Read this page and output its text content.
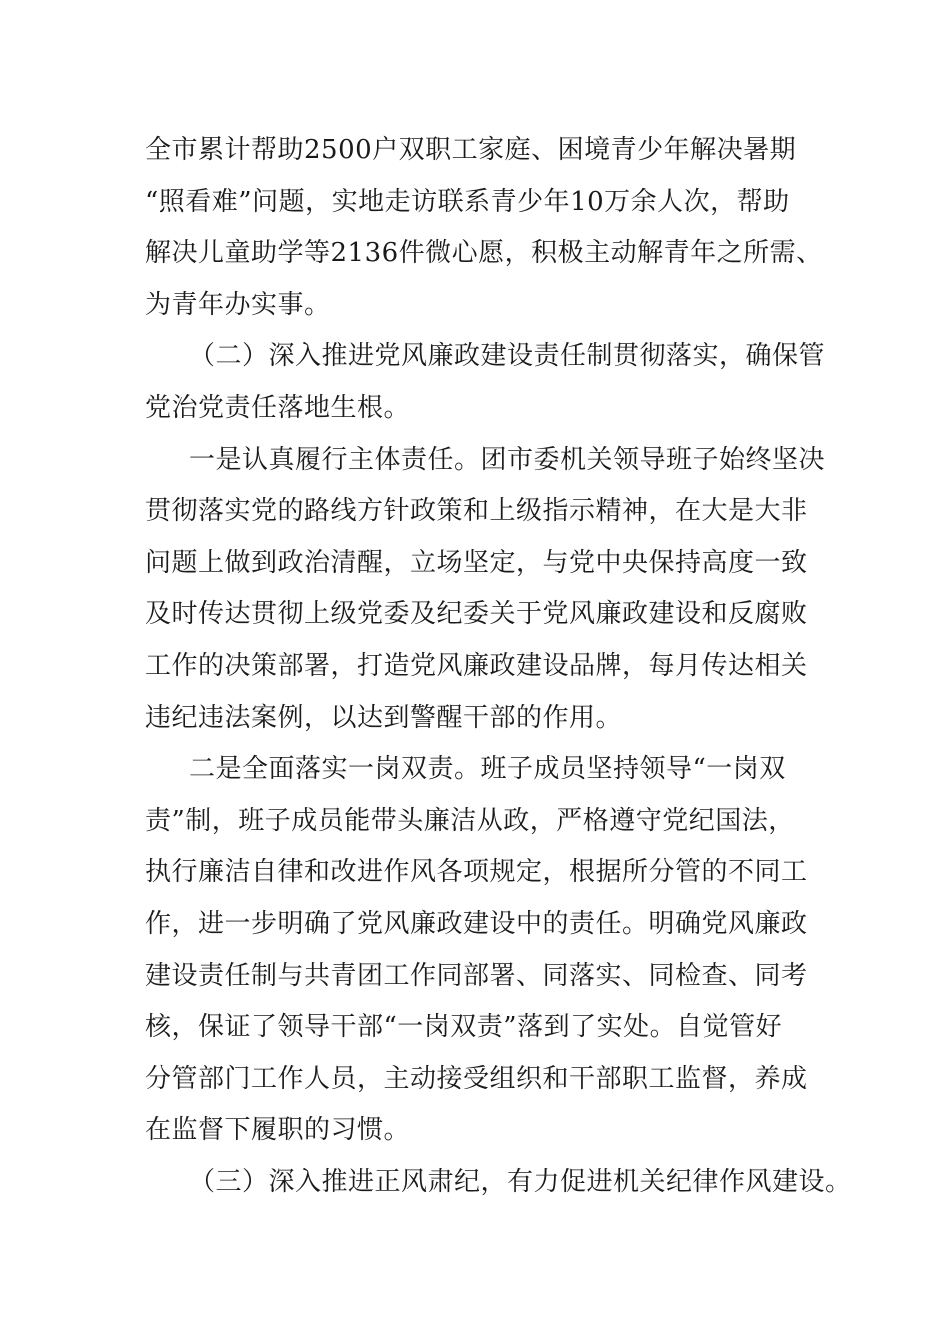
全市累计帮助2500户双职工家庭、困境青少年解决暑期
“照看难”问题，实地走访联系青少年10万余人次，帮助
解决儿童助学等2136件微心愿，积极主动解青年之所需、
为青年办实事。
（二）深入推进党风廉政建设责任制贯彻落实，确保管
党治党责任落地生根。
一是认真履行主体责任。团市委机关领导班子始终坚决
贯彻落实党的路线方针政策和上级指示精神，在大是大非
问题上做到政治清醒，立场坚定，与党中央保持高度一致
及时传达贯彻上级党委及纪委关于党风廉政建设和反腐败
工作的决策部署，打造党风廉政建设品牌，每月传达相关
违纪违法案例，以达到警醒干部的作用。
二是全面落实一岗双责。班子成员坚持领导“一岗双
责”制，班子成员能带头廉洁从政，严格遵守党纪国法，
执行廉洁自律和改进作风各项规定，根据所分管的不同工
作，进一步明确了党风廉政建设中的责任。明确党风廉政
建设责任制与共青团工作同部署、同落实、同检查、同考
核，保证了领导干部“一岗双责”落到了实处。自觉管好
分管部门工作人员，主动接受组织和干部职工监督，养成
在监督下履职的习惯。
（三）深入推进正风肃纪，有力促进机关纪律作风建设。
